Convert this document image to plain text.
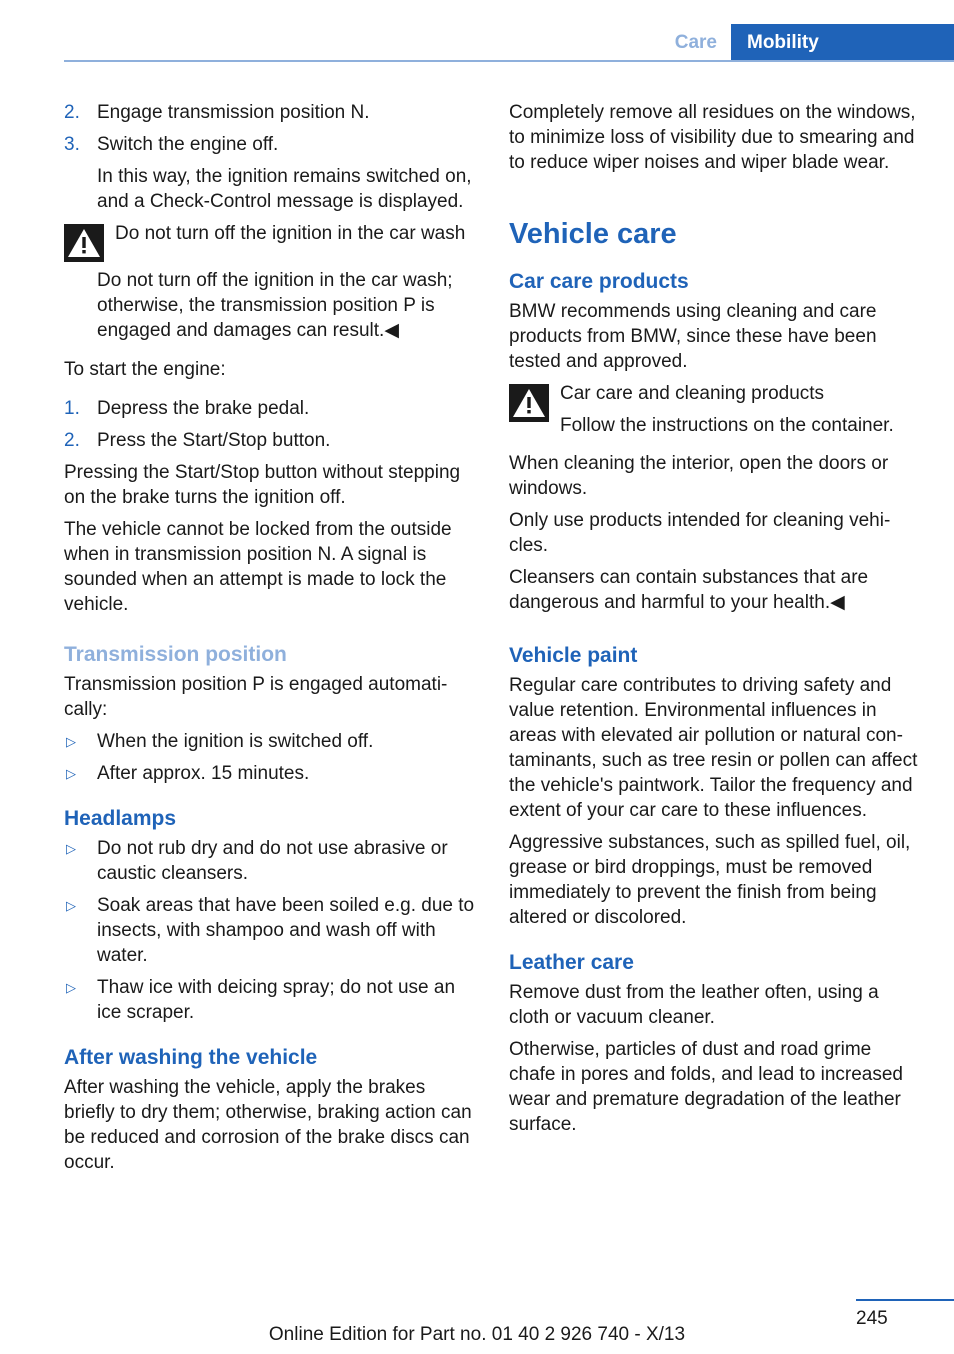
Care	Mobility
2. Engage transmission position N.
3. Switch the engine off.

In this way, the ignition remains switched on, and a Check-Control message is displayed.

Do not turn off the ignition in the car wash

Do not turn off the ignition in the car wash; otherwise, the transmission position P is engaged and damages can result.◀

To start the engine:

1. Depress the brake pedal.
2. Press the Start/Stop button.

Pressing the Start/Stop button without stepping on the brake turns the ignition off.

The vehicle cannot be locked from the outside when in transmission position N. A signal is sounded when an attempt is made to lock the vehicle.

Transmission position

Transmission position P is engaged automatically:

▷	When the ignition is switched off.
▷	After approx. 15 minutes.
Headlamps
▷	Do not rub dry and do not use abrasive or caustic cleansers.
▷	Soak areas that have been soiled e.g. due to insects, with shampoo and wash off with water.
▷	Thaw ice with deicing spray; do not use an ice scraper.
After washing the vehicle

After washing the vehicle, apply the brakes briefly to dry them; otherwise, braking action can be reduced and corrosion of the brake discs can occur.

Completely remove all residues on the windows, to minimize loss of visibility due to smearing and to reduce wiper noises and wiper blade wear.

Vehicle care
Car care products

BMW recommends using cleaning and care products from BMW, since these have been tested and approved.

Car care and cleaning products

Follow the instructions on the container.

When cleaning the interior, open the doors or windows.

Only use products intended for cleaning vehicles.

Cleansers can contain substances that are dangerous and harmful to your health.◀

Vehicle paint

Regular care contributes to driving safety and value retention. Environmental influences in areas with elevated air pollution or natural contaminants, such as tree resin or pollen can affect the vehicle's paintwork. Tailor the frequency and extent of your car care to these influences.

Aggressive substances, such as spilled fuel, oil, grease or bird droppings, must be removed immediately to prevent the finish from being altered or discolored.

Leather care

Remove dust from the leather often, using a cloth or vacuum cleaner.

Otherwise, particles of dust and road grime chafe in pores and folds, and lead to increased wear and premature degradation of the leather surface.

245
Online Edition for Part no. 01 40 2 926 740 - X/13
